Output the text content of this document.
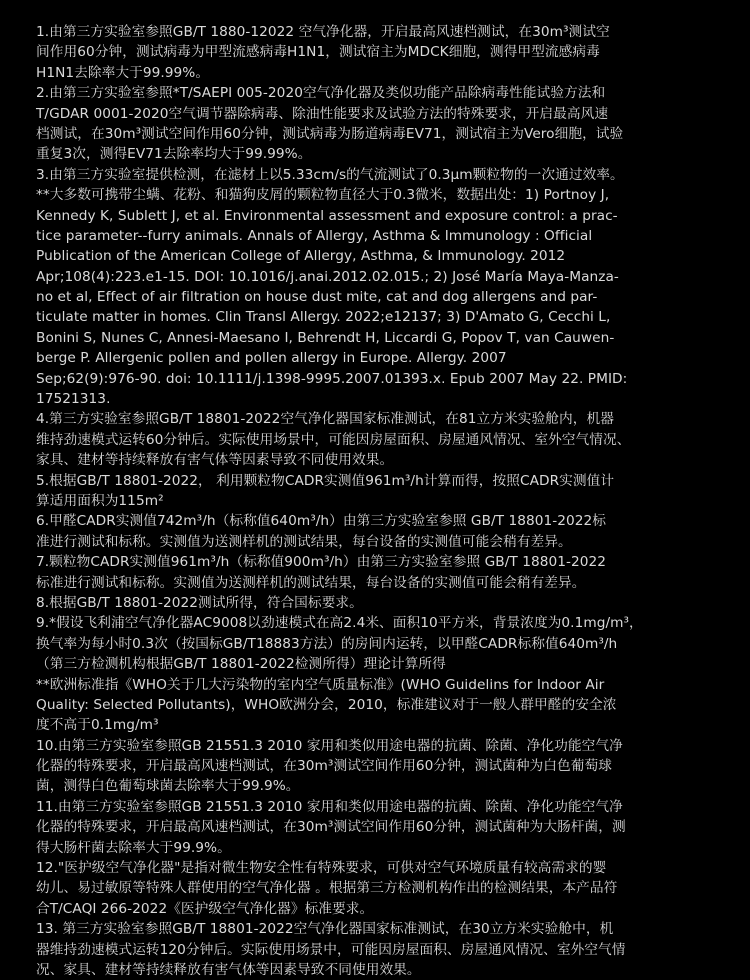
1.由第三方实验室参照GB/T 1880-12022 空气净化器，开启最高风速档测试，在30m³测试空
间作用60分钟，测试病毒为甲型流感病毒H1N1，测试宿主为MDCK细胞，测得甲型流感病毒
H1N1去除率大于99.99%。
2.由第三方实验室参照*T/SAEPI 005-2020空气净化器及类似功能产品除病毒性能试验方法和
T/GDAR 0001-2020空气调节器除病毒、除油性能要求及试验方法的特殊要求，开启最高风速
档测试，在30m³测试空间作用60分钟，测试病毒为肠道病毒EV71，测试宿主为Vero细胞，试验
重复3次，测得EV71去除率均大于99.99%。
3.由第三方实验室提供检测，在滤材上以5.33cm/s的气流测试了0.3μm颗粒物的一次通过效率。
**大多数可携带尘螨、花粉、和猫狗皮屑的颗粒物直径大于0.3微米，数据出处：1) Portnoy J,
Kennedy K, Sublett J, et al. Environmental assessment and exposure control: a prac-
tice parameter--furry animals. Annals of Allergy, Asthma & Immunology : Official
Publication of the American College of Allergy, Asthma, & Immunology. 2012
Apr;108(4):223.e1-15. DOI: 10.1016/j.anai.2012.02.015.; 2) José María Maya-Manza-
no et al, Effect of air filtration on house dust mite, cat and dog allergens and par-
ticulate matter in homes. Clin Transl Allergy. 2022;e12137; 3) D'Amato G, Cecchi L,
Bonini S, Nunes C, Annesi-Maesano I, Behrendt H, Liccardi G, Popov T, van Cauwen-
berge P. Allergenic pollen and pollen allergy in Europe. Allergy. 2007
Sep;62(9):976-90. doi: 10.1111/j.1398-9995.2007.01393.x. Epub 2007 May 22. PMID:
17521313.
4.第三方实验室参照GB/T 18801-2022空气净化器国家标准测试，在81立方米实验舱内，机器
维持劲速模式运转60分钟后。实际使用场景中，可能因房屋面积、房屋通风情况、室外空气情况、
家具、建材等持续释放有害气体等因素导致不同使用效果。
5.根据GB/T 18801-2022， 利用颗粒物CADR实测值961m³/h计算而得，按照CADR实测值计
算适用面积为115m²
6.甲醛CADR实测值742m³/h（标称值640m³/h）由第三方实验室参照 GB/T 18801-2022标
准进行测试和标称。实测值为送测样机的测试结果，每台设备的实测值可能会稍有差异。
7.颗粒物CADR实测值961m³/h（标称值900m³/h）由第三方实验室参照 GB/T 18801-2022
标准进行测试和标称。实测值为送测样机的测试结果，每台设备的实测值可能会稍有差异。
8.根据GB/T 18801-2022测试所得，符合国标要求。
9.*假设飞利浦空气净化器AC9008以劲速模式在高2.4米、面积10平方米，背景浓度为0.1mg/m³，
换气率为每小时0.3次（按国标GB/T18883方法）的房间内运转，以甲醛CADR标称值640m³/h
（第三方检测机构根据GB/T 18801-2022检测所得）理论计算所得
**欧洲标准指《WHO关于几大污染物的室内空气质量标准》(WHO Guidelins for Indoor Air
Quality: Selected Pollutants)，WHO欧洲分会，2010，标准建议对于一般人群甲醛的安全浓
度不高于0.1mg/m³
10.由第三方实验室参照GB 21551.3 2010 家用和类似用途电器的抗菌、除菌、净化功能空气净
化器的特殊要求，开启最高风速档测试，在30m³测试空间作用60分钟，测试菌种为白色葡萄球
菌，测得白色葡萄球菌去除率大于99.9%。
11.由第三方实验室参照GB 21551.3 2010 家用和类似用途电器的抗菌、除菌、净化功能空气净
化器的特殊要求，开启最高风速档测试，在30m³测试空间作用60分钟，测试菌种为大肠杆菌，测
得大肠杆菌去除率大于99.9%。
12."医护级空气净化器"是指对微生物安全性有特殊要求，可供对空气环境质量有较高需求的婴
幼儿、易过敏原等特殊人群使用的空气净化器 。根据第三方检测机构作出的检测结果，本产品符
合T/CAQI 266-2022《医护级空气净化器》标准要求。
13. 第三方实验室参照GB/T 18801-2022空气净化器国家标准测试，在30立方米实验舱中，机
器维持劲速模式运转120分钟后。实际使用场景中，可能因房屋面积、房屋通风情况、室外空气情
况、家具、建材等持续释放有害气体等因素导致不同使用效果。
